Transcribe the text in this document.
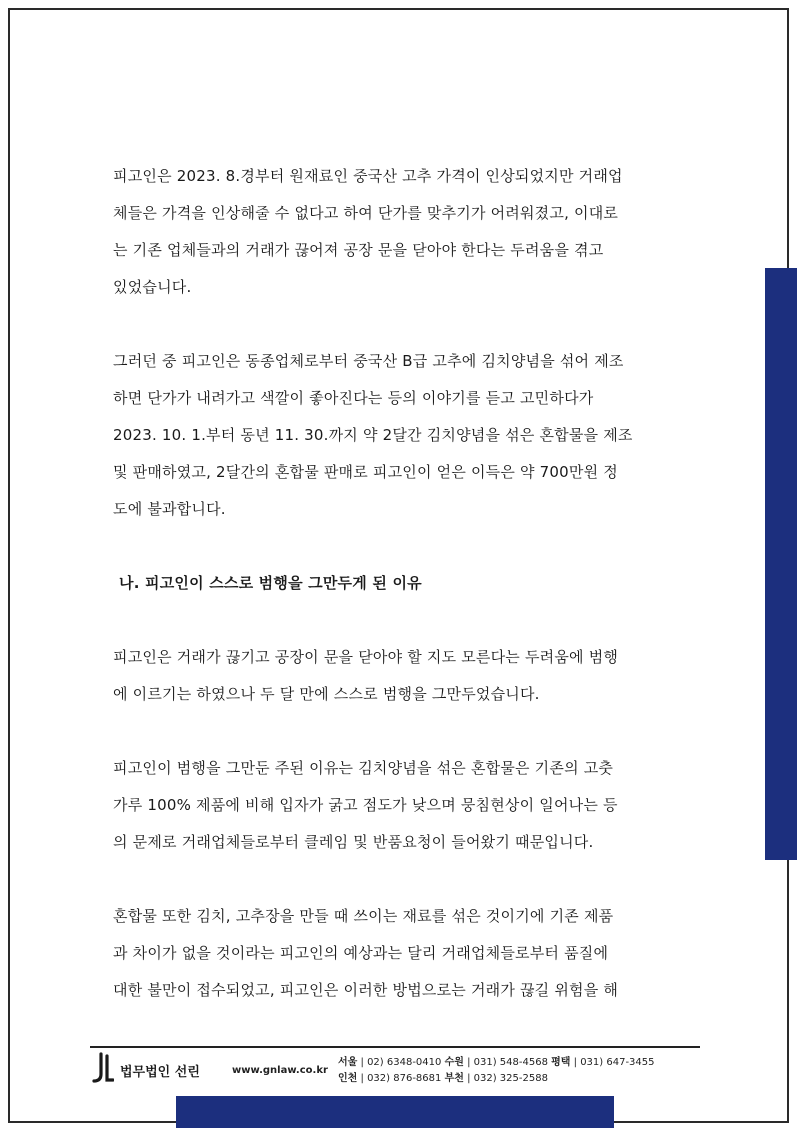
피고인은 2023. 8.경부터 원재료인 중국산 고추 가격이 인상되었지만 거래업
체들은 가격을 인상해줄 수 없다고 하여 단가를 맞추기가 어려워졌고, 이대로
는 기존 업체들과의 거래가 끊어져 공장 문을 닫아야 한다는 두려움을 겪고
있었습니다.
그러던 중 피고인은 동종업체로부터 중국산 B급 고추에 김치양념을 섞어 제조
하면 단가가 내려가고 색깔이 좋아진다는 등의 이야기를 듣고 고민하다가
2023. 10. 1.부터 동년 11. 30.까지 약 2달간 김치양념을 섞은 혼합물을 제조
및 판매하였고, 2달간의 혼합물 판매로 피고인이 얻은 이득은 약 700만원 정
도에 불과합니다.
나. 피고인이 스스로 범행을 그만두게 된 이유
피고인은 거래가 끊기고 공장이 문을 닫아야 할 지도 모른다는 두려움에 범행
에 이르기는 하였으나 두 달 만에 스스로 범행을 그만두었습니다.
피고인이 범행을 그만둔 주된 이유는 김치양념을 섞은 혼합물은 기존의 고춧
가루 100% 제품에 비해 입자가 굵고 점도가 낮으며 뭉침현상이 일어나는 등
의 문제로 거래업체들로부터 클레임 및 반품요청이 들어왔기 때문입니다.
혼합물 또한 김치, 고추장을 만들 때 쓰이는 재료를 섞은 것이기에 기존 제품
과 차이가 없을 것이라는 피고인의 예상과는 달리 거래업체들로부터 품질에
대한 불만이 접수되었고, 피고인은 이러한 방법으로는 거래가 끊길 위험을 해
법무법인 선린	www.gnlaw.co.kr
서울 | 02) 6348-0410 수원 | 031) 548-4568 평택 | 031) 647-3455
인천 | 032) 876-8681 부천 | 032) 325-2588
